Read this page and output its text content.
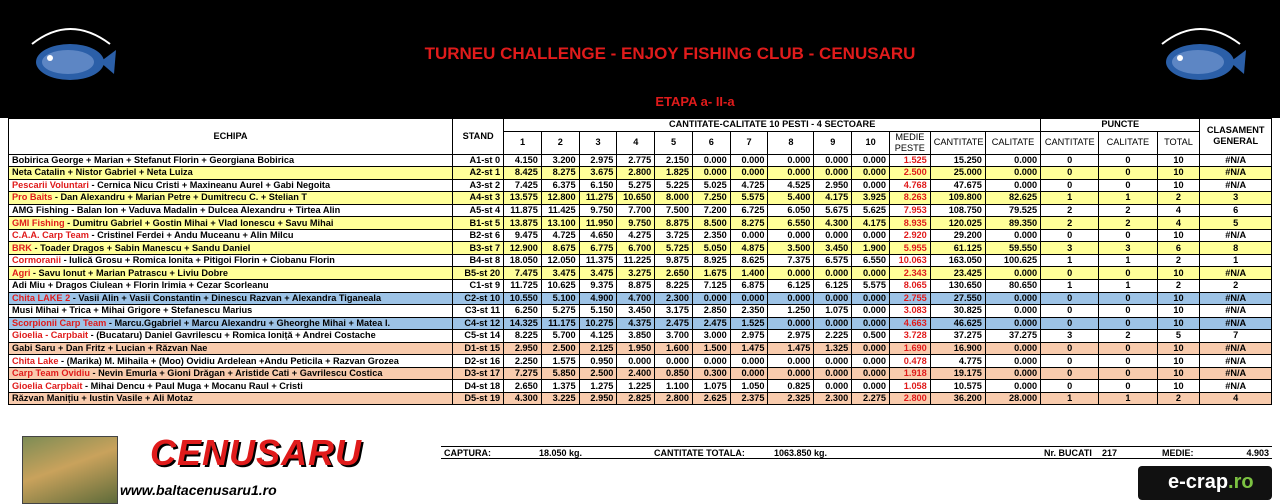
TURNEU CHALLENGE - ENJOY FISHING CLUB - CENUSARU
ETAPA a- II-a
ECHIPA	STAND	CANTITATE-CALITATE 10 PESTI - 4 SECTOARE													PUNCTE			CLASAMENT GENERAL
		1	2	3	4	5	6	7	8	9	10	MEDIE PESTE	CANTITATE	CALITATE	CANTITATE	CALITATE	TOTAL	
Bobirica George + Marian + Stefanut Florin + Georgiana Bobirica	A1-st 0	4.150	3.200	2.975	2.775	2.150	0.000	0.000	0.000	0.000	0.000	1.525	15.250	0.000	0	0	10	#N/A
Neta Catalin + Nistor Gabriel + Neta Luiza	A2-st 1	8.425	8.275	3.675	2.800	1.825	0.000	0.000	0.000	0.000	0.000	2.500	25.000	0.000	0	0	10	#N/A
Pescarii Voluntari - Cernica Nicu Cristi + Maxineanu Aurel + Gabi Negoita	A3-st 2	7.425	6.375	6.150	5.275	5.225	5.025	4.725	4.525	2.950	0.000	4.768	47.675	0.000	0	0	10	#N/A
Pro Baits - Dan Alexandru + Marian Petre + Dumitrecu C. + Stelian T	A4-st 3	13.575	12.800	11.275	10.650	8.000	7.250	5.575	5.400	4.175	3.925	8.263	109.800	82.625	1	1	2	3
AMG Fishing - Balan Ion + Vaduva Madalin + Dulcea Alexandru + Tirtea Alin	A5-st 4	11.875	11.425	9.750	7.700	7.500	7.200	6.725	6.050	5.675	5.625	7.953	108.750	79.525	2	2	4	6
GMI Fishing - Dumitru Gabriel + Gostin Mihai + Vlad Ionescu + Savu Mihai	B1-st 5	13.875	13.100	11.950	9.750	8.875	8.500	8.275	6.550	4.300	4.175	8.935	120.025	89.350	2	2	4	5
C.A.A. Carp Team - Cristinel Ferdei + Andu Muceanu + Alin Milcu	B2-st 6	9.475	4.725	4.650	4.275	3.725	2.350	0.000	0.000	0.000	0.000	2.920	29.200	0.000	0	0	10	#N/A
BRK - Toader Dragos + Sabin Manescu + Sandu Daniel	B3-st 7	12.900	8.675	6.775	6.700	5.725	5.050	4.875	3.500	3.450	1.900	5.955	61.125	59.550	3	3	6	8
Cormoranii - Iulică Grosu + Romica Ionita + Pitigoi Florin + Ciobanu Florin	B4-st 8	18.050	12.050	11.375	11.225	9.875	8.925	8.625	7.375	6.575	6.550	10.063	163.050	100.625	1	1	2	1
Agri - Savu Ionut + Marian Patrascu + Liviu Dobre	B5-st 20	7.475	3.475	3.475	3.275	2.650	1.675	1.400	0.000	0.000	0.000	2.343	23.425	0.000	0	0	10	#N/A
Adi Miu + Dragos Ciulean + Florin Irimia + Cezar Scorleanu	C1-st 9	11.725	10.625	9.375	8.875	8.225	7.125	6.875	6.125	6.125	5.575	8.065	130.650	80.650	1	1	2	2
Chita LAKE 2 - Vasii Alin + Vasii Constantin + Dinescu Razvan + Alexandra Tiganeala	C2-st 10	10.550	5.100	4.900	4.700	2.300	0.000	0.000	0.000	0.000	0.000	2.755	27.550	0.000	0	0	10	#N/A
Musi Mihai + Trica + Mihai Grigore + Stefanescu Marius	C3-st 11	6.250	5.275	5.150	3.450	3.175	2.850	2.350	1.250	1.075	0.000	3.083	30.825	0.000	0	0	10	#N/A
Scorpionii Carp Team - Marcu.Ggabriel + Marcu Alexandru + Gheorghe Mihai + Matea I.	C4-st 12	14.325	11.175	10.275	4.375	2.475	2.475	1.525	0.000	0.000	0.000	4.663	46.625	0.000	0	0	10	#N/A
Gioelia - Carpbait - (Bucataru) Daniel Gavrilescu + Romica Ioniță + Andrei Costache	C5-st 14	8.225	5.700	4.125	3.850	3.700	3.000	2.975	2.975	2.225	0.500	3.728	37.275	37.275	3	2	5	7
Gabi Saru + Dan Fritz + Lucian + Răzvan Nae	D1-st 15	2.950	2.500	2.125	1.950	1.600	1.500	1.475	1.475	1.325	0.000	1.690	16.900	0.000	0	0	10	#N/A
Chita Lake - (Marika) M. Mihaila + (Moo) Ovidiu Ardelean +Andu Peticila + Razvan Grozea	D2-st 16	2.250	1.575	0.950	0.000	0.000	0.000	0.000	0.000	0.000	0.000	0.478	4.775	0.000	0	0	10	#N/A
Carp Team Ovidiu - Nevin Emurla + Gioni Drăgan + Aristide Cati + Gavrilescu Costica	D3-st 17	7.275	5.850	2.500	2.400	0.850	0.300	0.000	0.000	0.000	0.000	1.918	19.175	0.000	0	0	10	#N/A
Gioelia Carpbait - Mihai Dencu + Paul Muga + Mocanu Raul + Cristi	D4-st 18	2.650	1.375	1.275	1.225	1.100	1.075	1.050	0.825	0.000	0.000	1.058	10.575	0.000	0	0	10	#N/A
Răzvan Manițiu + Iustin Vasile + Ali Motaz	D5-st 19	4.300	3.225	2.950	2.825	2.800	2.625	2.375	2.325	2.300	2.275	2.800	36.200	28.000	1	1	2	4
CENUSARU
www.baltacenusaru1.ro
CAPTURA:	18.050 kg.	CANTITATE TOTALA:	1063.850 kg.	Nr. BUCATI	217	MEDIE:	4.903
e-crap.ro
